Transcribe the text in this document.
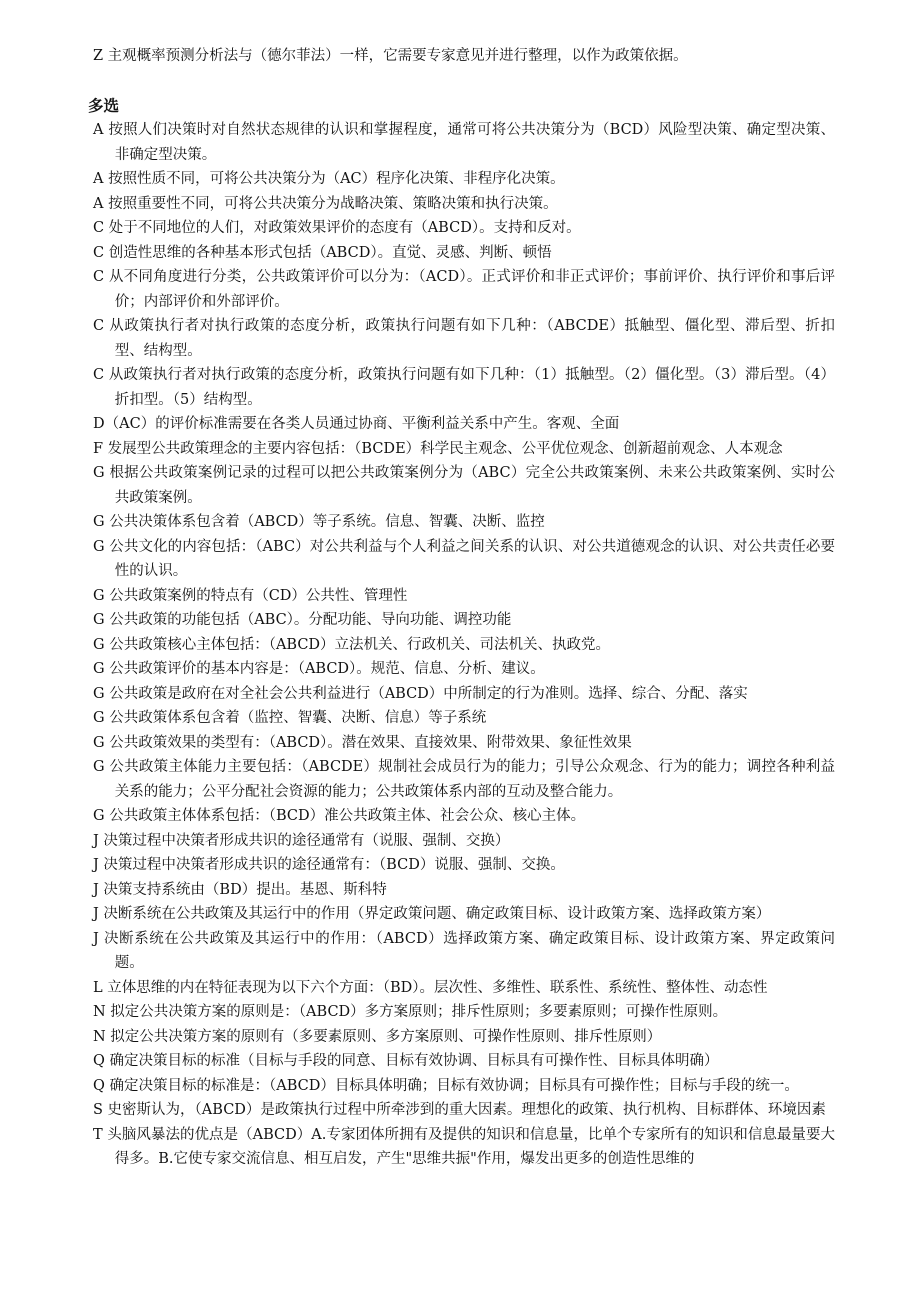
Z 主观概率预测分析法与（德尔菲法）一样，它需要专家意见并进行整理，以作为政策依据。
多选
A 按照人们决策时对自然状态规律的认识和掌握程度，通常可将公共决策分为（BCD）风险型决策、确定型决策、非确定型决策。
A 按照性质不同，可将公共决策分为（AC）程序化决策、非程序化决策。
A 按照重要性不同，可将公共决策分为战略决策、策略决策和执行决策。
C 处于不同地位的人们，对政策效果评价的态度有（ABCD）。支持和反对。
C 创造性思维的各种基本形式包括（ABCD）。直觉、灵感、判断、顿悟
C 从不同角度进行分类，公共政策评价可以分为：（ACD）。正式评价和非正式评价；事前评价、执行评价和事后评价；内部评价和外部评价。
C 从政策执行者对执行政策的态度分析，政策执行问题有如下几种：（ABCDE）抵触型、僵化型、滞后型、折扣型、结构型。
C 从政策执行者对执行政策的态度分析，政策执行问题有如下几种：（1）抵触型。（2）僵化型。（3）滞后型。（4）折扣型。（5）结构型。
D（AC）的评价标准需要在各类人员通过协商、平衡利益关系中产生。客观、全面
F 发展型公共政策理念的主要内容包括：（BCDE）科学民主观念、公平优位观念、创新超前观念、人本观念
G 根据公共政策案例记录的过程可以把公共政策案例分为（ABC）完全公共政策案例、未来公共政策案例、实时公共政策案例。
G 公共决策体系包含着（ABCD）等子系统。信息、智囊、决断、监控
G 公共文化的内容包括：（ABC）对公共利益与个人利益之间关系的认识、对公共道德观念的认识、对公共责任必要性的认识。
G 公共政策案例的特点有（CD）公共性、管理性
G 公共政策的功能包括（ABC）。分配功能、导向功能、调控功能
G 公共政策核心主体包括：（ABCD）立法机关、行政机关、司法机关、执政党。
G 公共政策评价的基本内容是：（ABCD）。规范、信息、分析、建议。
G 公共政策是政府在对全社会公共利益进行（ABCD）中所制定的行为准则。选择、综合、分配、落实
G 公共政策体系包含着（监控、智囊、决断、信息）等子系统
G 公共政策效果的类型有：（ABCD）。潜在效果、直接效果、附带效果、象征性效果
G 公共政策主体能力主要包括：（ABCDE）规制社会成员行为的能力；引导公众观念、行为的能力；调控各种利益关系的能力；公平分配社会资源的能力；公共政策体系内部的互动及整合能力。
G 公共政策主体体系包括：（BCD）准公共政策主体、社会公众、核心主体。
J 决策过程中决策者形成共识的途径通常有（说服、强制、交换）
J 决策过程中决策者形成共识的途径通常有：（BCD）说服、强制、交换。
J 决策支持系统由（BD）提出。基恩、斯科特
J 决断系统在公共政策及其运行中的作用（界定政策问题、确定政策目标、设计政策方案、选择政策方案）
J 决断系统在公共政策及其运行中的作用：（ABCD）选择政策方案、确定政策目标、设计政策方案、界定政策问题。
L 立体思维的内在特征表现为以下六个方面：（BD）。层次性、多维性、联系性、系统性、整体性、动态性
N 拟定公共决策方案的原则是：（ABCD）多方案原则；排斥性原则；多要素原则；可操作性原则。
N 拟定公共决策方案的原则有（多要素原则、多方案原则、可操作性原则、排斥性原则）
Q 确定决策目标的标准（目标与手段的同意、目标有效协调、目标具有可操作性、目标具体明确）
Q 确定决策目标的标准是：（ABCD）目标具体明确；目标有效协调；目标具有可操作性；目标与手段的统一。
S 史密斯认为，（ABCD）是政策执行过程中所牵涉到的重大因素。理想化的政策、执行机构、目标群体、环境因素
T 头脑风暴法的优点是（ABCD）A.专家团体所拥有及提供的知识和信息量，比单个专家所有的知识和信息最量要大得多。B.它使专家交流信息、相互启发，产生"思维共振"作用，爆发出更多的创造性思维的
